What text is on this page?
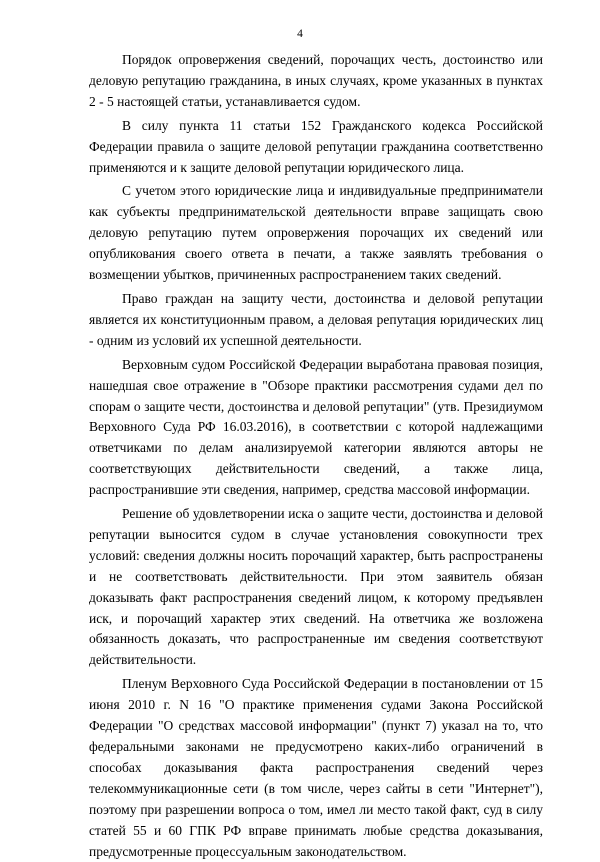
4

Порядок опровержения сведений, порочащих честь, достоинство или деловую репутацию гражданина, в иных случаях, кроме указанных в пунктах 2 - 5 настоящей статьи, устанавливается судом.

В силу пункта 11 статьи 152 Гражданского кодекса Российской Федерации правила о защите деловой репутации гражданина соответственно применяются и к защите деловой репутации юридического лица.

С учетом этого юридические лица и индивидуальные предприниматели как субъекты предпринимательской деятельности вправе защищать свою деловую репутацию путем опровержения порочащих их сведений или опубликования своего ответа в печати, а также заявлять требования о возмещении убытков, причиненных распространением таких сведений.

Право граждан на защиту чести, достоинства и деловой репутации является их конституционным правом, а деловая репутация юридических лиц - одним из условий их успешной деятельности.

Верховным судом Российской Федерации выработана правовая позиция, нашедшая свое отражение в "Обзоре практики рассмотрения судами дел по спорам о защите чести, достоинства и деловой репутации" (утв. Президиумом Верховного Суда РФ 16.03.2016), в соответствии с которой надлежащими ответчиками по делам анализируемой категории являются авторы не соответствующих действительности сведений, а также лица, распространившие эти сведения, например, средства массовой информации.

Решение об удовлетворении иска о защите чести, достоинства и деловой репутации выносится судом в случае установления совокупности трех условий: сведения должны носить порочащий характер, быть распространены и не соответствовать действительности. При этом заявитель обязан доказывать факт распространения сведений лицом, к которому предъявлен иск, и порочащий характер этих сведений. На ответчика же возложена обязанность доказать, что распространенные им сведения соответствуют действительности.

Пленум Верховного Суда Российской Федерации в постановлении от 15 июня 2010 г. N 16 "О практике применения судами Закона Российской Федерации "О средствах массовой информации" (пункт 7) указал на то, что федеральными законами не предусмотрено каких-либо ограничений в способах доказывания факта распространения сведений через телекоммуникационные сети (в том числе, через сайты в сети "Интернет"), поэтому при разрешении вопроса о том, имел ли место такой факт, суд в силу статей 55 и 60 ГПК РФ вправе принимать любые средства доказывания, предусмотренные процессуальным законодательством.
